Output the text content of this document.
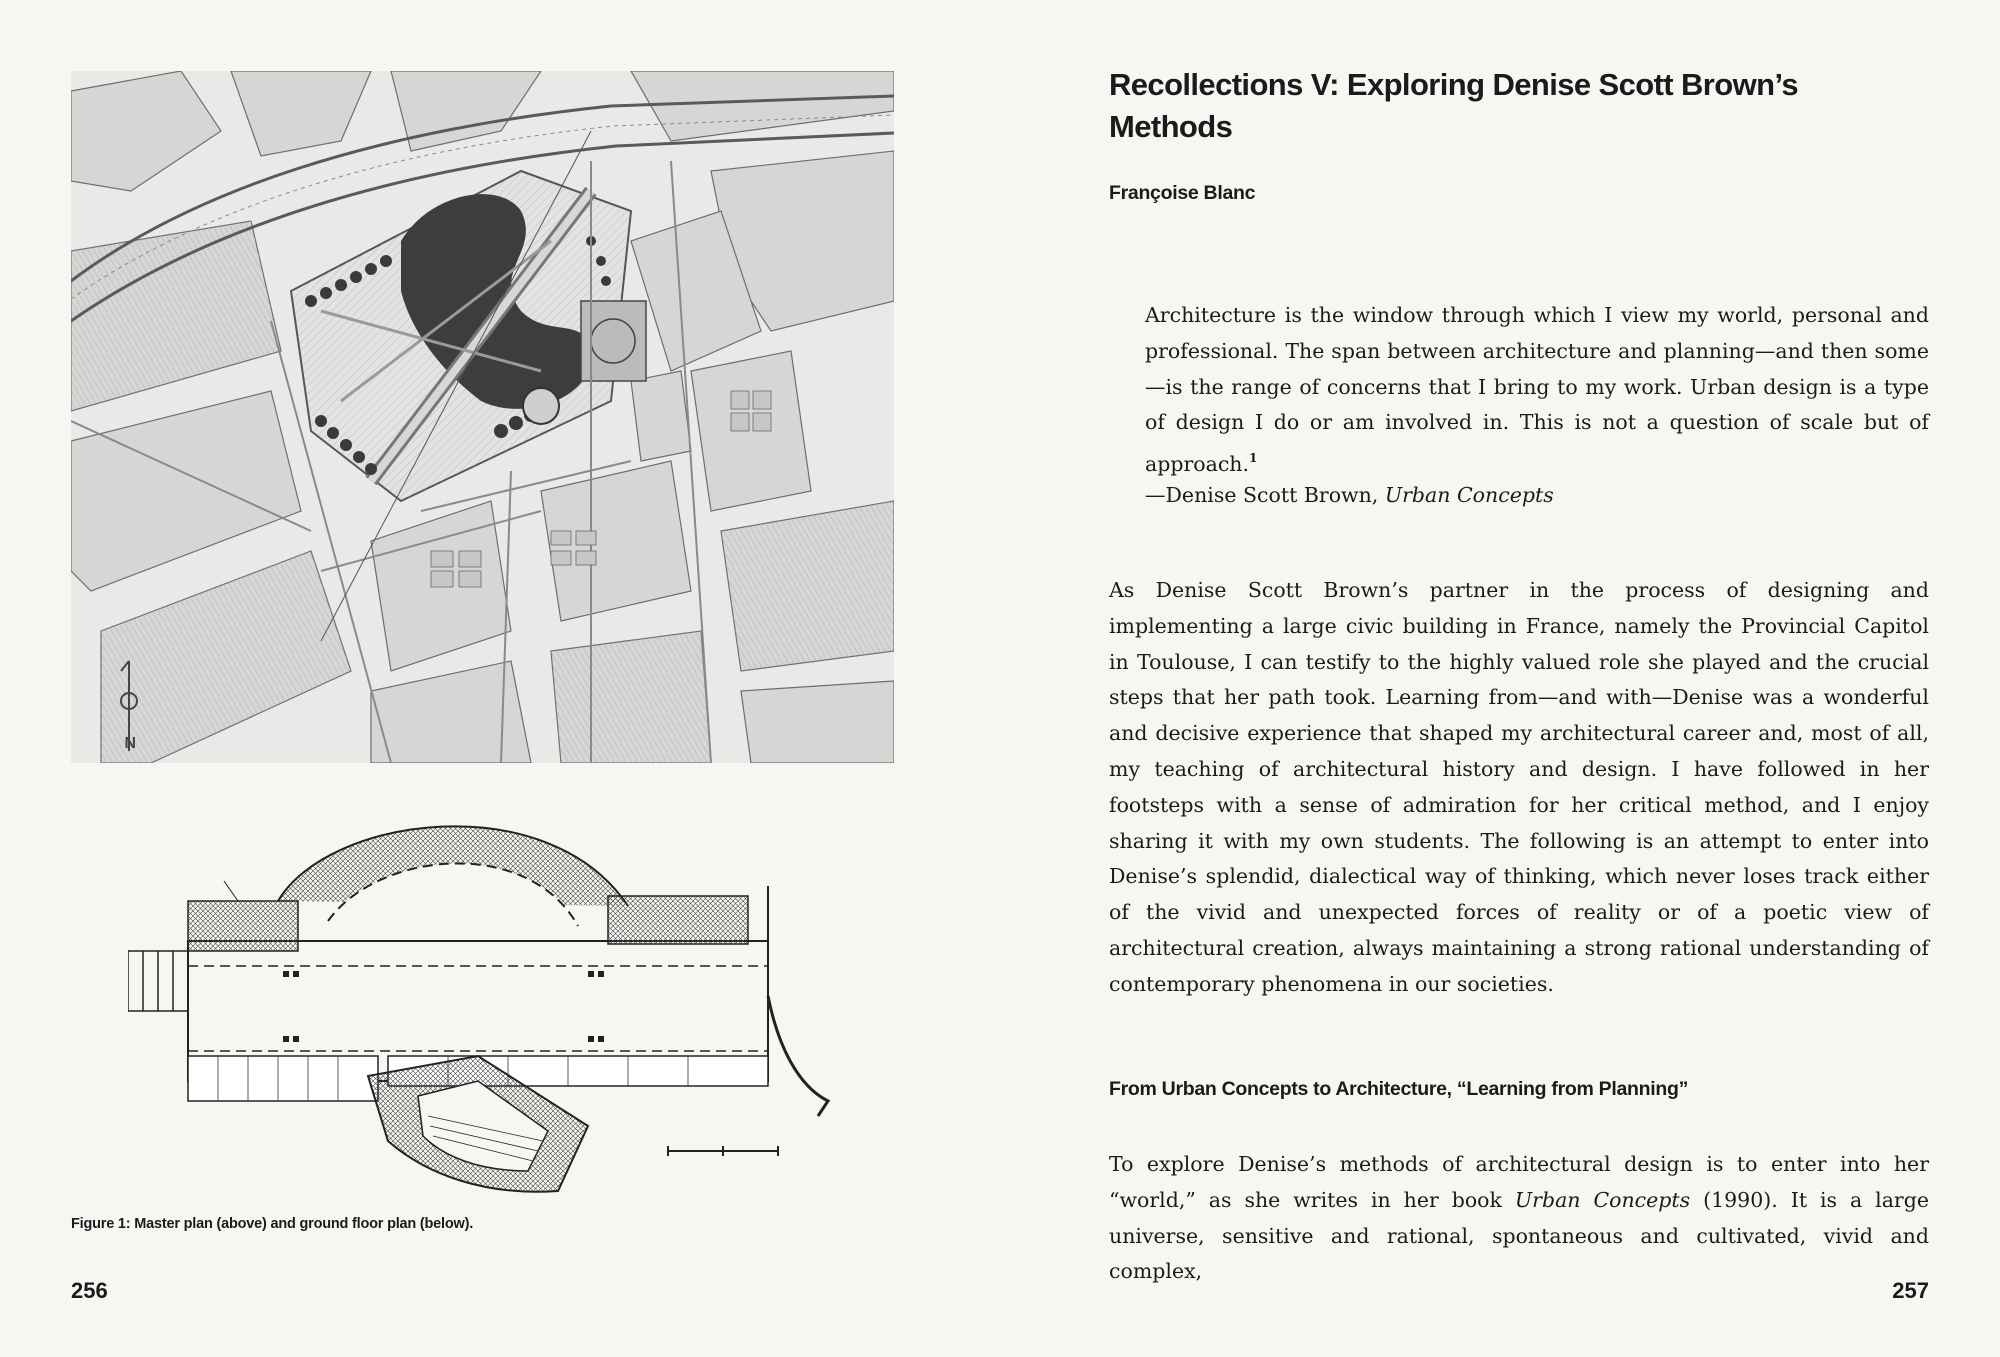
N
Figure 1: Master plan (above) and ground floor plan (below).
256
Recollections V: Exploring Denise Scott Brown’s Methods
Françoise Blanc

Architecture is the window through which I view my world, personal and professional. The span between architecture and planning—and then some—is the range of concerns that I bring to my work. Urban design is a type of design I do or am involved in. This is not a question of scale but of approach.$^1$

—Denise Scott Brown, Urban Concepts

As Denise Scott Brown’s partner in the process of designing and implementing a large civic building in France, namely the Provincial Capitol in Toulouse, I can testify to the highly valued role she played and the crucial steps that her path took. Learning from—and with—Denise was a wonderful and decisive experience that shaped my architectural career and, most of all, my teaching of architectural history and design. I have followed in her footsteps with a sense of admiration for her critical method, and I enjoy sharing it with my own students. The following is an attempt to enter into Denise’s splendid, dialectical way of thinking, which never loses track either of the vivid and unexpected forces of reality or of a poetic view of architectural creation, always maintaining a strong rational understanding of contemporary phenomena in our societies.

From Urban Concepts to Architecture, “Learning from Planning”

To explore Denise’s methods of architectural design is to enter into her “world,” as she writes in her book Urban Concepts (1990). It is a large universe, sensitive and rational, spontaneous and cultivated, vivid and complex,

257
